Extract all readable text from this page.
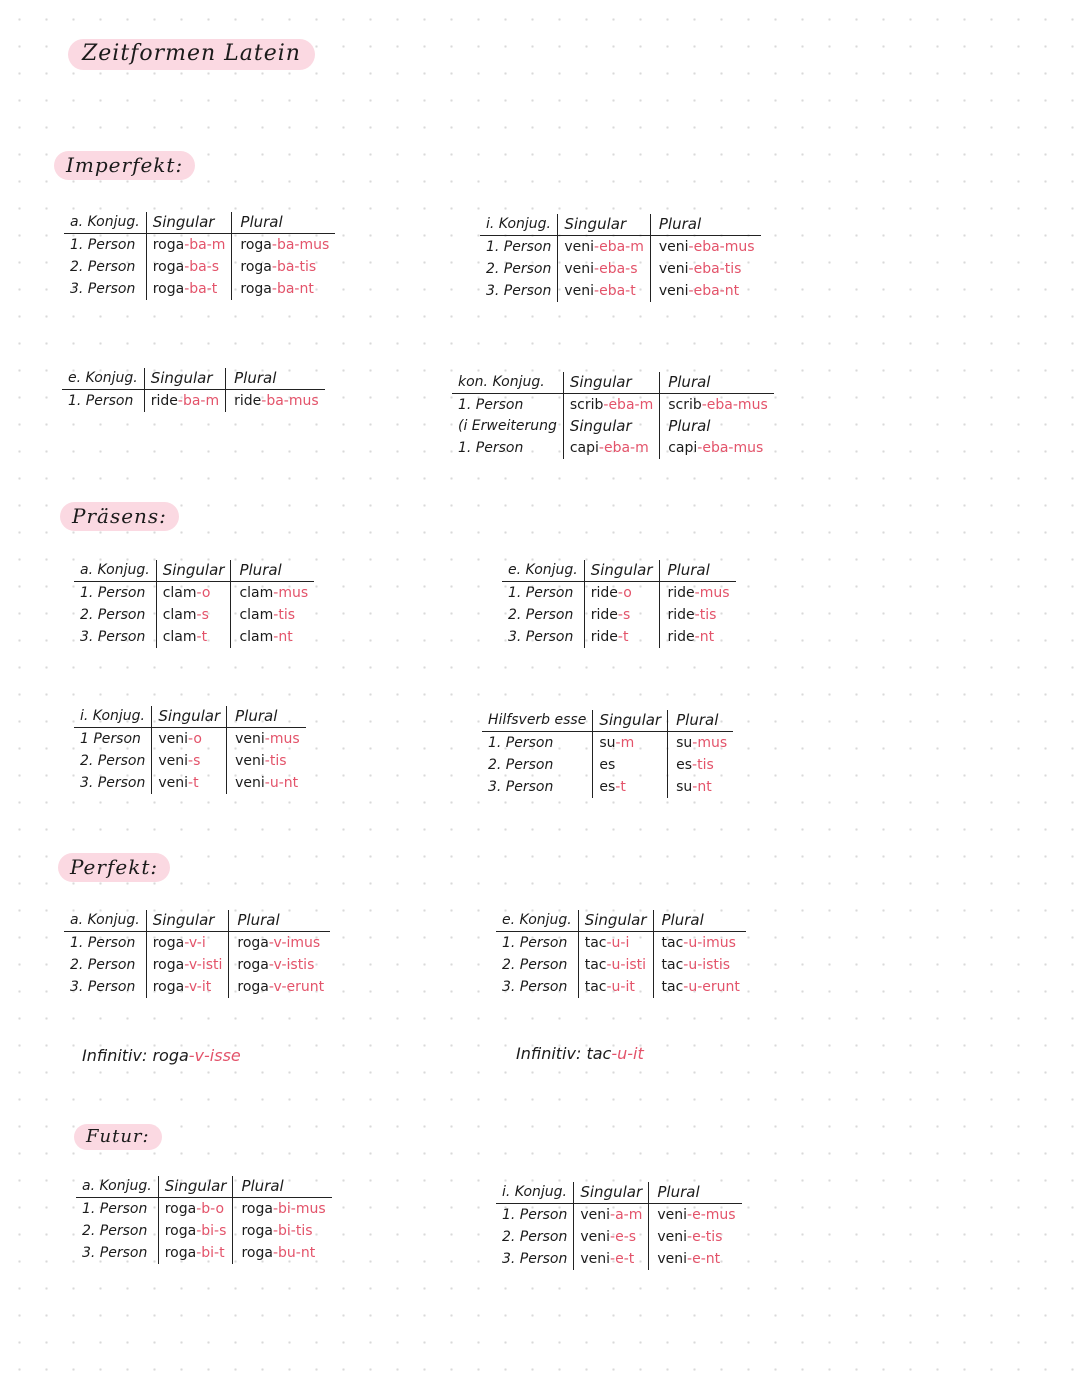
Zeitformen Latein
Imperfekt:
Präsens:
Perfekt:
Futur:
a. Konjug.	Singular	Plural
1. Person	roga-ba-m	roga-ba-mus
2. Person	roga-ba-s	roga-ba-tis
3. Person	roga-ba-t	roga-ba-nt
i. Konjug.	Singular	Plural
1. Person	veni-eba-m	veni-eba-mus
2. Person	veni-eba-s	veni-eba-tis
3. Person	veni-eba-t	veni-eba-nt
e. Konjug.	Singular	Plural
1. Person	ride-ba-m	ride-ba-mus
kon. Konjug.	Singular	Plural
1. Person	scrib-eba-m	scrib-eba-mus
(i Erweiterung	Singular	Plural
1. Person	capi-eba-m	capi-eba-mus
a. Konjug.	Singular	Plural
1. Person	clam-o	clam-mus
2. Person	clam-s	clam-tis
3. Person	clam-t	clam-nt
e. Konjug.	Singular	Plural
1. Person	ride-o	ride-mus
2. Person	ride-s	ride-tis
3. Person	ride-t	ride-nt
i. Konjug.	Singular	Plural
1 Person	veni-o	veni-mus
2. Person	veni-s	veni-tis
3. Person	veni-t	veni-u-nt
Hilfsverb esse	Singular	Plural
1. Person	su-m	su-mus
2. Person	es	es-tis
3. Person	es-t	su-nt
a. Konjug.	Singular	Plural
1. Person	roga-v-i	roga-v-imus
2. Person	roga-v-isti	roga-v-istis
3. Person	roga-v-it	roga-v-erunt
e. Konjug.	Singular	Plural
1. Person	tac-u-i	tac-u-imus
2. Person	tac-u-isti	tac-u-istis
3. Person	tac-u-it	tac-u-erunt
Infinitiv: roga-v-isse	Infinitiv: tac-u-it
a. Konjug.	Singular	Plural
1. Person	roga-b-o	roga-bi-mus
2. Person	roga-bi-s	roga-bi-tis
3. Person	roga-bi-t	roga-bu-nt
i. Konjug.	Singular	Plural
1. Person	veni-a-m	veni-e-mus
2. Person	veni-e-s	veni-e-tis
3. Person	veni-e-t	veni-e-nt
